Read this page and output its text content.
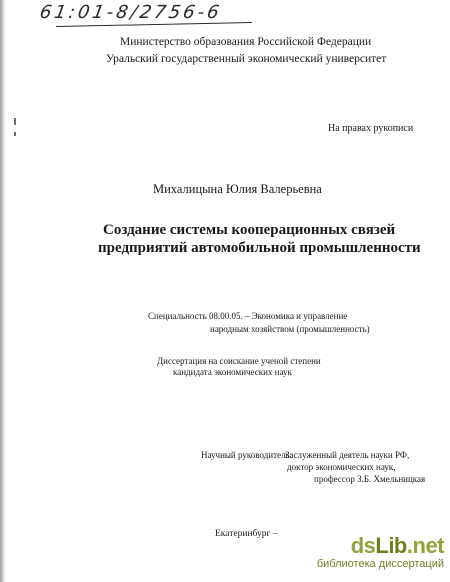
61:01-8/2756-6
Министерство образования Российской Федерации
Уральский государственный экономический университет
На правах рукописи
Михалицына Юлия Валерьевна
Создание системы кооперационных связей
предприятий автомобильной промышленности
Специальность 08.00.05. – Экономика и управление
народным хозяйством (промышленность)
Диссертация на соискание ученой степени
кандидата экономических наук
Научный руководитель:
Заслуженный деятель науки РФ,
доктор экономических наук,
профессор З.Б. Хмельницкая
Екатеринбург –	dsLib.net
библиотека диссертаций
